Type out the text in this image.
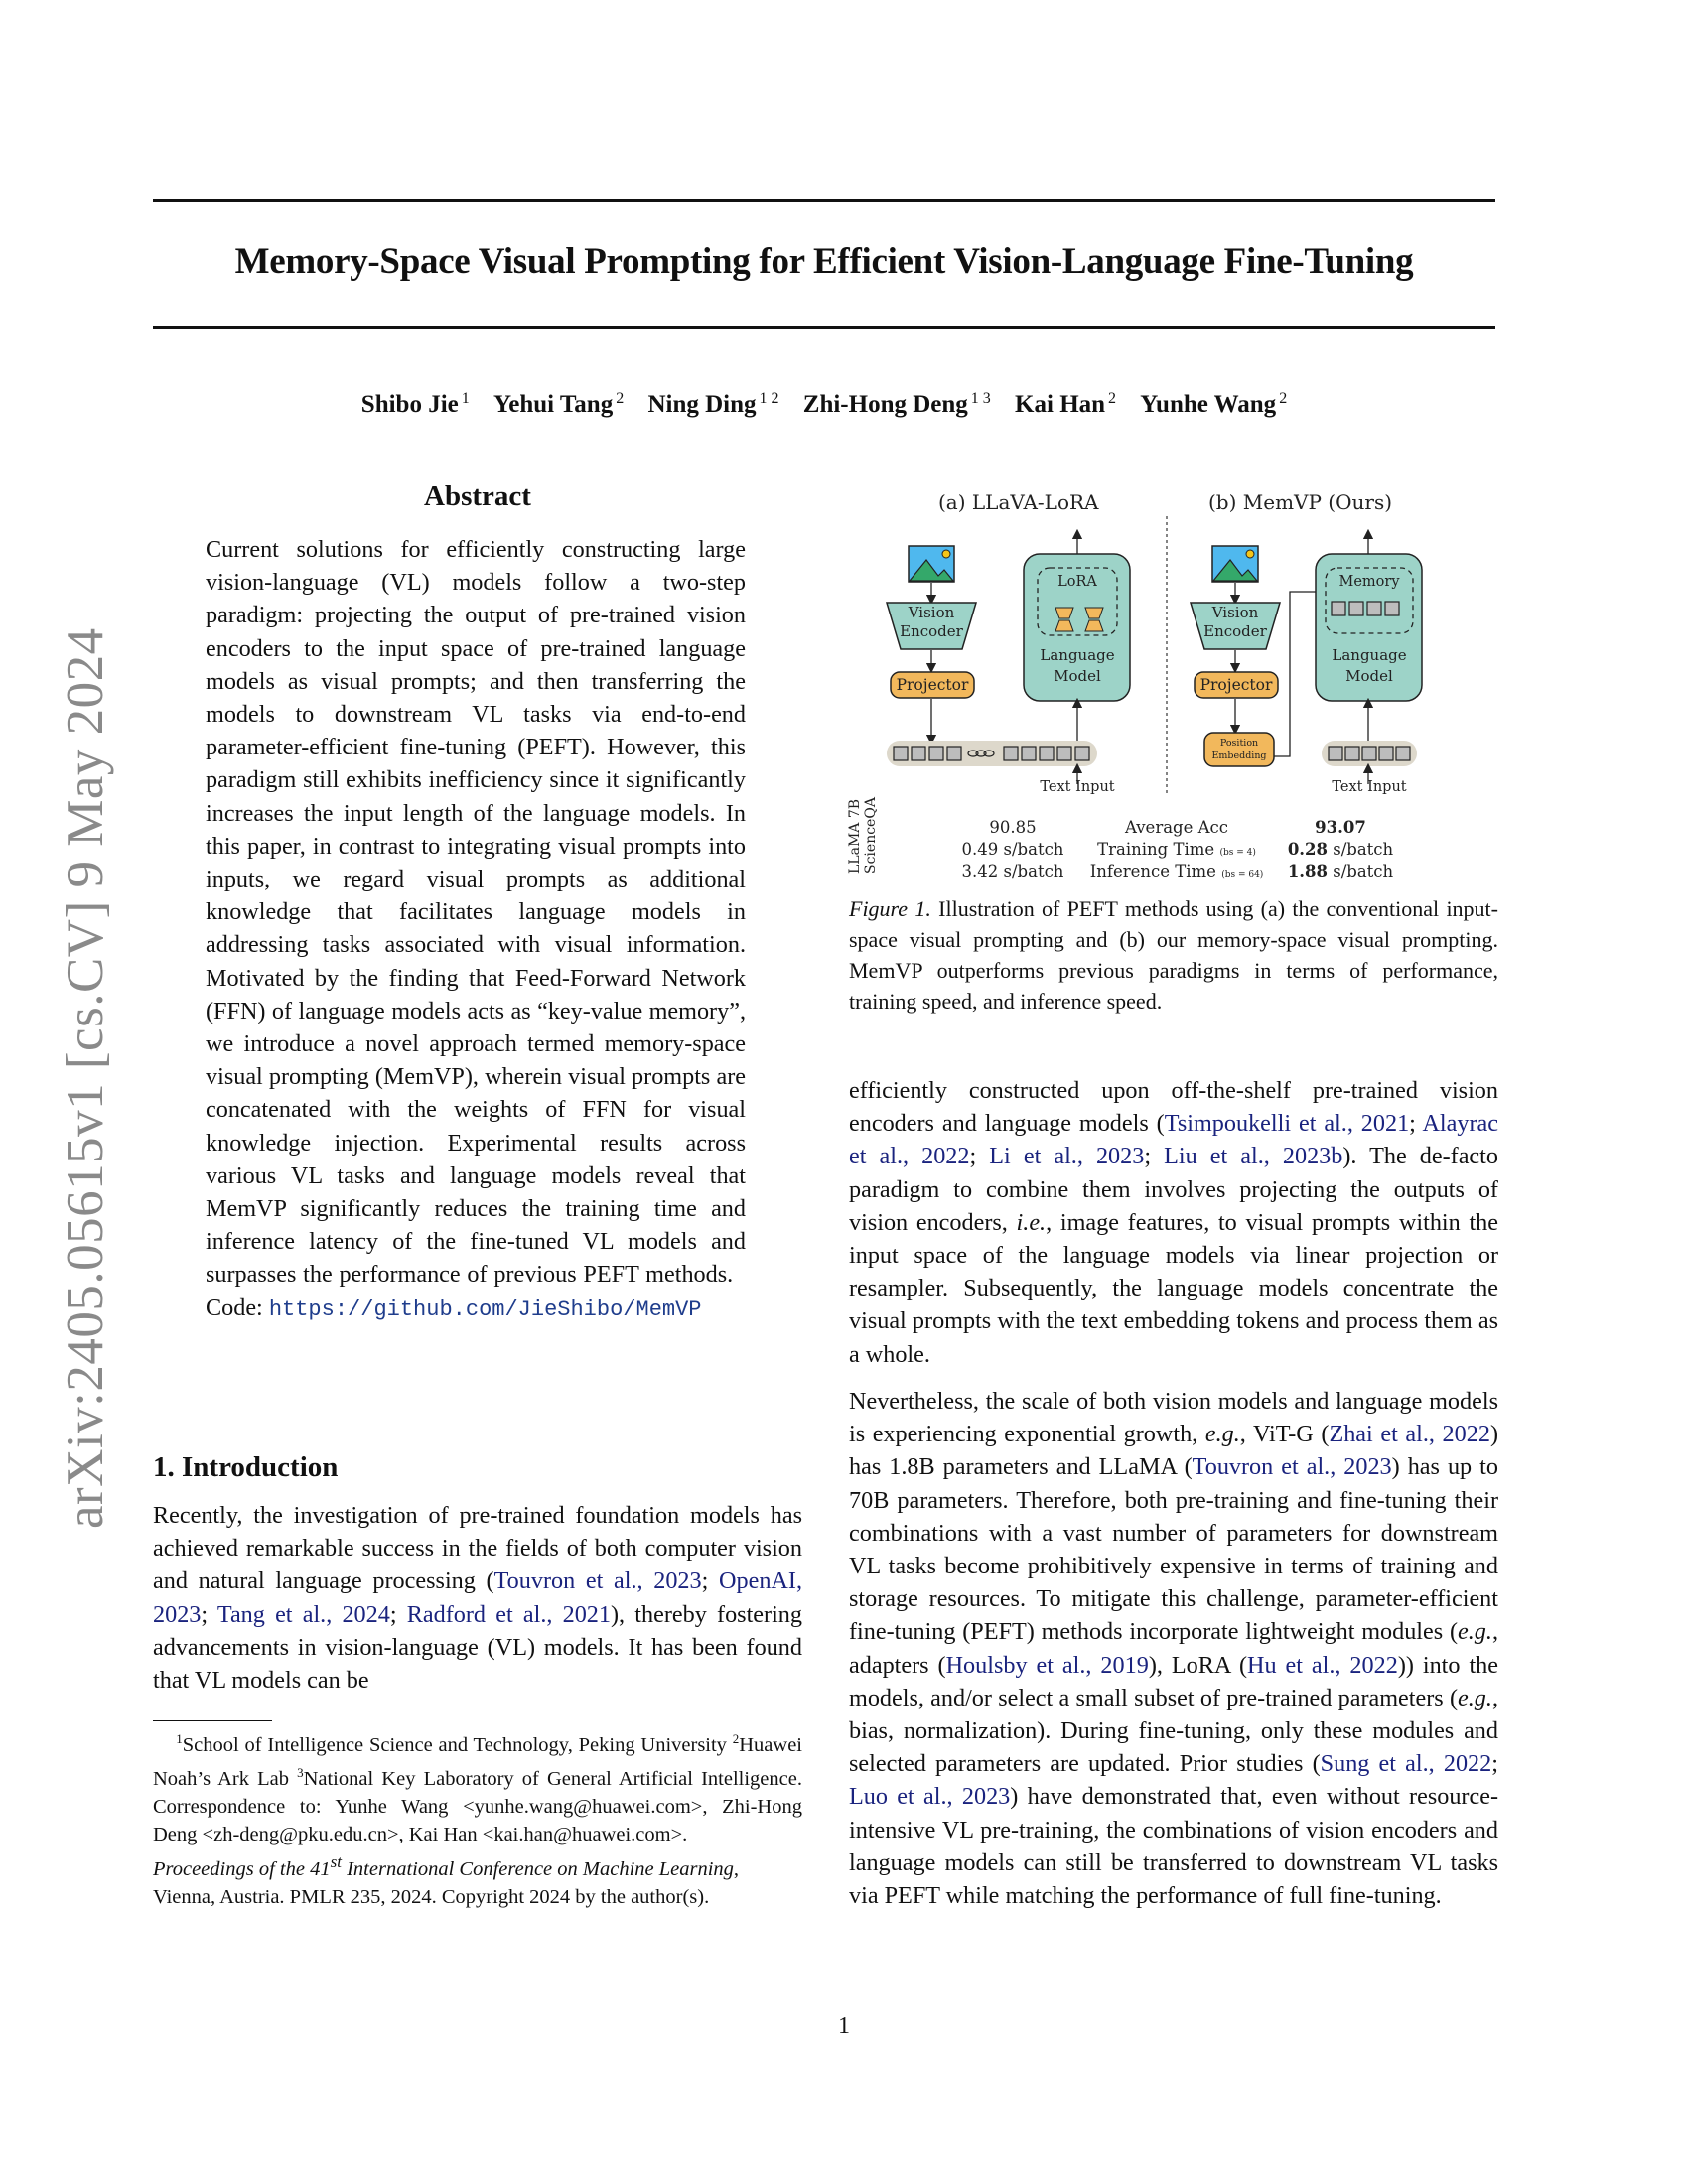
arXiv:2405.05615v1 [cs.CV] 9 May 2024
Memory-Space Visual Prompting for Efficient Vision-Language Fine-Tuning
Shibo Jie $^1$ Yehui Tang $^2$ Ning Ding $^{1 2}$ Zhi-Hong Deng $^{1 3}$ Kai Han $^2$ Yunhe Wang $^2$
Abstract

Current solutions for efficiently constructing large vision-language (VL) models follow a two-step paradigm: projecting the output of pre-trained vision encoders to the input space of pre-trained language models as visual prompts; and then transferring the models to downstream VL tasks via end-to-end parameter-efficient fine-tuning (PEFT). However, this paradigm still exhibits inefficiency since it significantly increases the input length of the language models. In this paper, in contrast to integrating visual prompts into inputs, we regard visual prompts as additional knowledge that facilitates language models in addressing tasks associated with visual information. Motivated by the finding that Feed-Forward Network (FFN) of language models acts as “key-value memory”, we introduce a novel approach termed memory-space visual prompting (MemVP), wherein visual prompts are concatenated with the weights of FFN for visual knowledge injection. Experimental results across various VL tasks and language models reveal that MemVP significantly reduces the training time and inference latency of the fine-tuned VL models and surpasses the performance of previous PEFT methods.   Code: https://github.com/JieShibo/MemVP

1. Introduction

Recently, the investigation of pre-trained foundation models has achieved remarkable success in the fields of both computer vision and natural language processing (Touvron et al., 2023; OpenAI, 2023; Tang et al., 2024; Radford et al., 2021), thereby fostering advancements in vision-language (VL) models. It has been found that VL models can be

$^1$School of Intelligence Science and Technology, Peking University $^2$Huawei Noah’s Ark Lab $^3$National Key Laboratory of General Artificial Intelligence. Correspondence to: Yunhe Wang <yunhe.wang@huawei.com>, Zhi-Hong Deng <zh-deng@pku.edu.cn>, Kai Han <kai.han@huawei.com>.
Proceedings of the 41st International Conference on Machine Learning, Vienna, Austria. PMLR 235, 2024. Copyright 2024 by the author(s).
(a) LLaVA-LoRA	(b) MemVP (Ours)
Vision Encoder
Projector
LoRA
Language Model
Text Input
Vision Encoder
Projector
Memory
Language Model
Position Embedding
Text Input
LLaMA 7B ScienceQA	90.85	Average Acc	93.07
0.49 s/batch	Training Time (bs = 4)	0.28 s/batch
3.42 s/batch	Inference Time (bs = 64)	1.88 s/batch
Figure 1. Illustration of PEFT methods using (a) the conventional input-space visual prompting and (b) our memory-space visual prompting. MemVP outperforms previous paradigms in terms of performance, training speed, and inference speed.

efficiently constructed upon off-the-shelf pre-trained vision encoders and language models (Tsimpoukelli et al., 2021; Alayrac et al., 2022; Li et al., 2023; Liu et al., 2023b). The de-facto paradigm to combine them involves projecting the outputs of vision encoders, i.e., image features, to visual prompts within the input space of the language models via linear projection or resampler. Subsequently, the language models concentrate the visual prompts with the text embedding tokens and process them as a whole.

Nevertheless, the scale of both vision models and language models is experiencing exponential growth, e.g., ViT-G (Zhai et al., 2022) has 1.8B parameters and LLaMA (Touvron et al., 2023) has up to 70B parameters. Therefore, both pre-training and fine-tuning their combinations with a vast number of parameters for downstream VL tasks become prohibitively expensive in terms of training and storage resources. To mitigate this challenge, parameter-efficient fine-tuning (PEFT) methods incorporate lightweight modules (e.g., adapters (Houlsby et al., 2019), LoRA (Hu et al., 2022)) into the models, and/or select a small subset of pre-trained parameters (e.g., bias, normalization). During fine-tuning, only these modules and selected parameters are updated. Prior studies (Sung et al., 2022; Luo et al., 2023) have demonstrated that, even without resource-intensive VL pre-training, the combinations of vision encoders and language models can still be transferred to downstream VL tasks via PEFT while matching the performance of full fine-tuning.

1
